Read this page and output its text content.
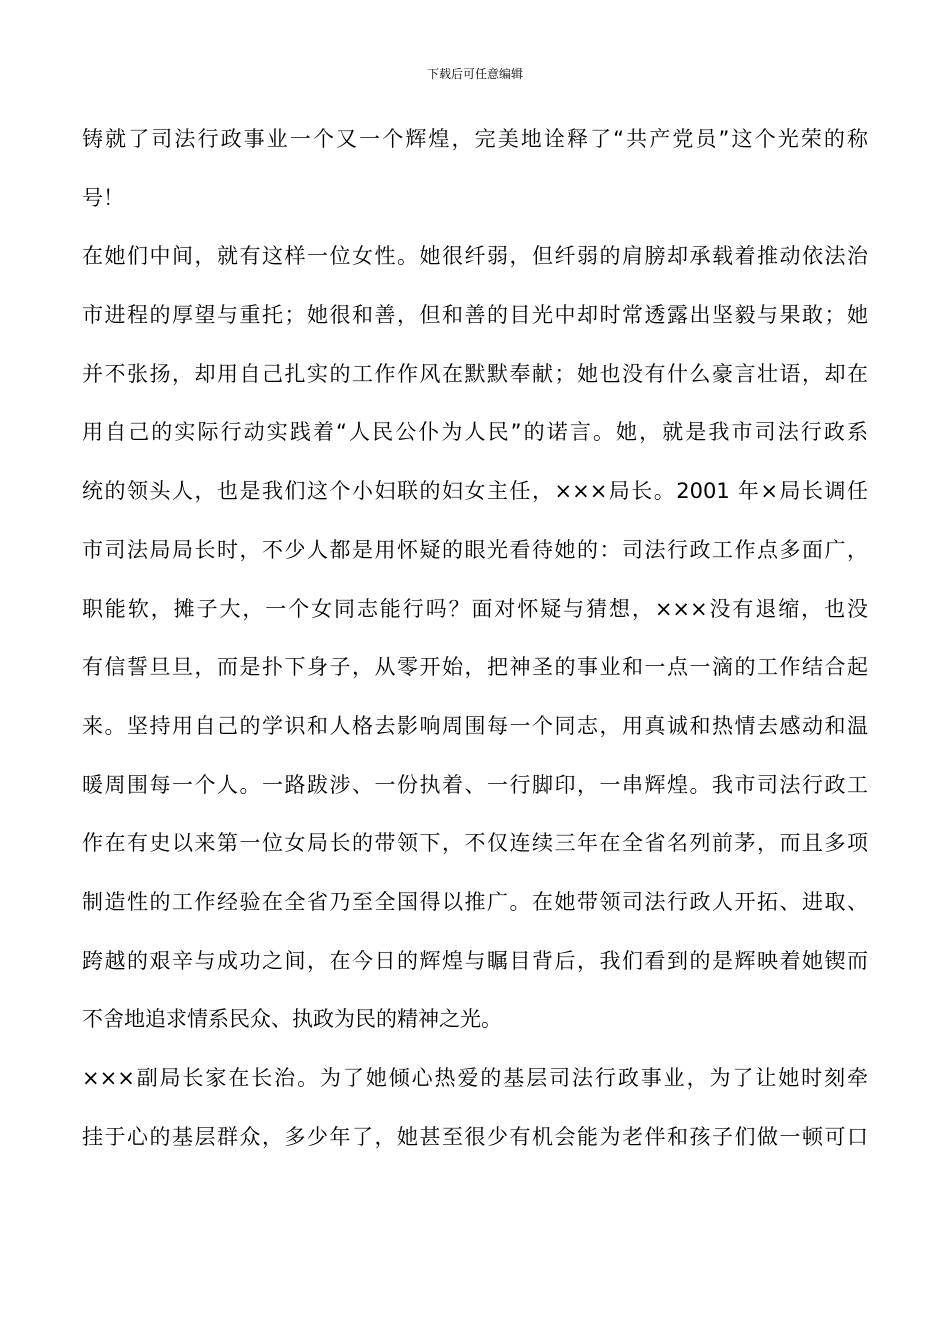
下载后可任意编辑
铸就了司法行政事业一个又一个辉煌，完美地诠释了“共产党员”这个光荣的称
号！
在她们中间，就有这样一位女性。她很纤弱，但纤弱的肩膀却承载着推动依法治
市进程的厚望与重托；她很和善，但和善的目光中却时常透露出坚毅与果敢；她
并不张扬，却用自己扎实的工作作风在默默奉献；她也没有什么豪言壮语，却在
用自己的实际行动实践着“人民公仆为人民”的诺言。她，就是我市司法行政系
统的领头人，也是我们这个小妇联的妇女主任，×××局长。2001 年×局长调任
市司法局局长时，不少人都是用怀疑的眼光看待她的：司法行政工作点多面广，
职能软，摊子大，一个女同志能行吗？面对怀疑与猜想，×××没有退缩，也没
有信誓旦旦，而是扑下身子，从零开始，把神圣的事业和一点一滴的工作结合起
来。坚持用自己的学识和人格去影响周围每一个同志，用真诚和热情去感动和温
暖周围每一个人。一路跋涉、一份执着、一行脚印，一串辉煌。我市司法行政工
作在有史以来第一位女局长的带领下，不仅连续三年在全省名列前茅，而且多项
制造性的工作经验在全省乃至全国得以推广。在她带领司法行政人开拓、进取、
跨越的艰辛与成功之间，在今日的辉煌与瞩目背后，我们看到的是辉映着她锲而
不舍地追求情系民众、执政为民的精神之光。
×××副局长家在长治。为了她倾心热爱的基层司法行政事业，为了让她时刻牵
挂于心的基层群众，多少年了，她甚至很少有机会能为老伴和孩子们做一顿可口
